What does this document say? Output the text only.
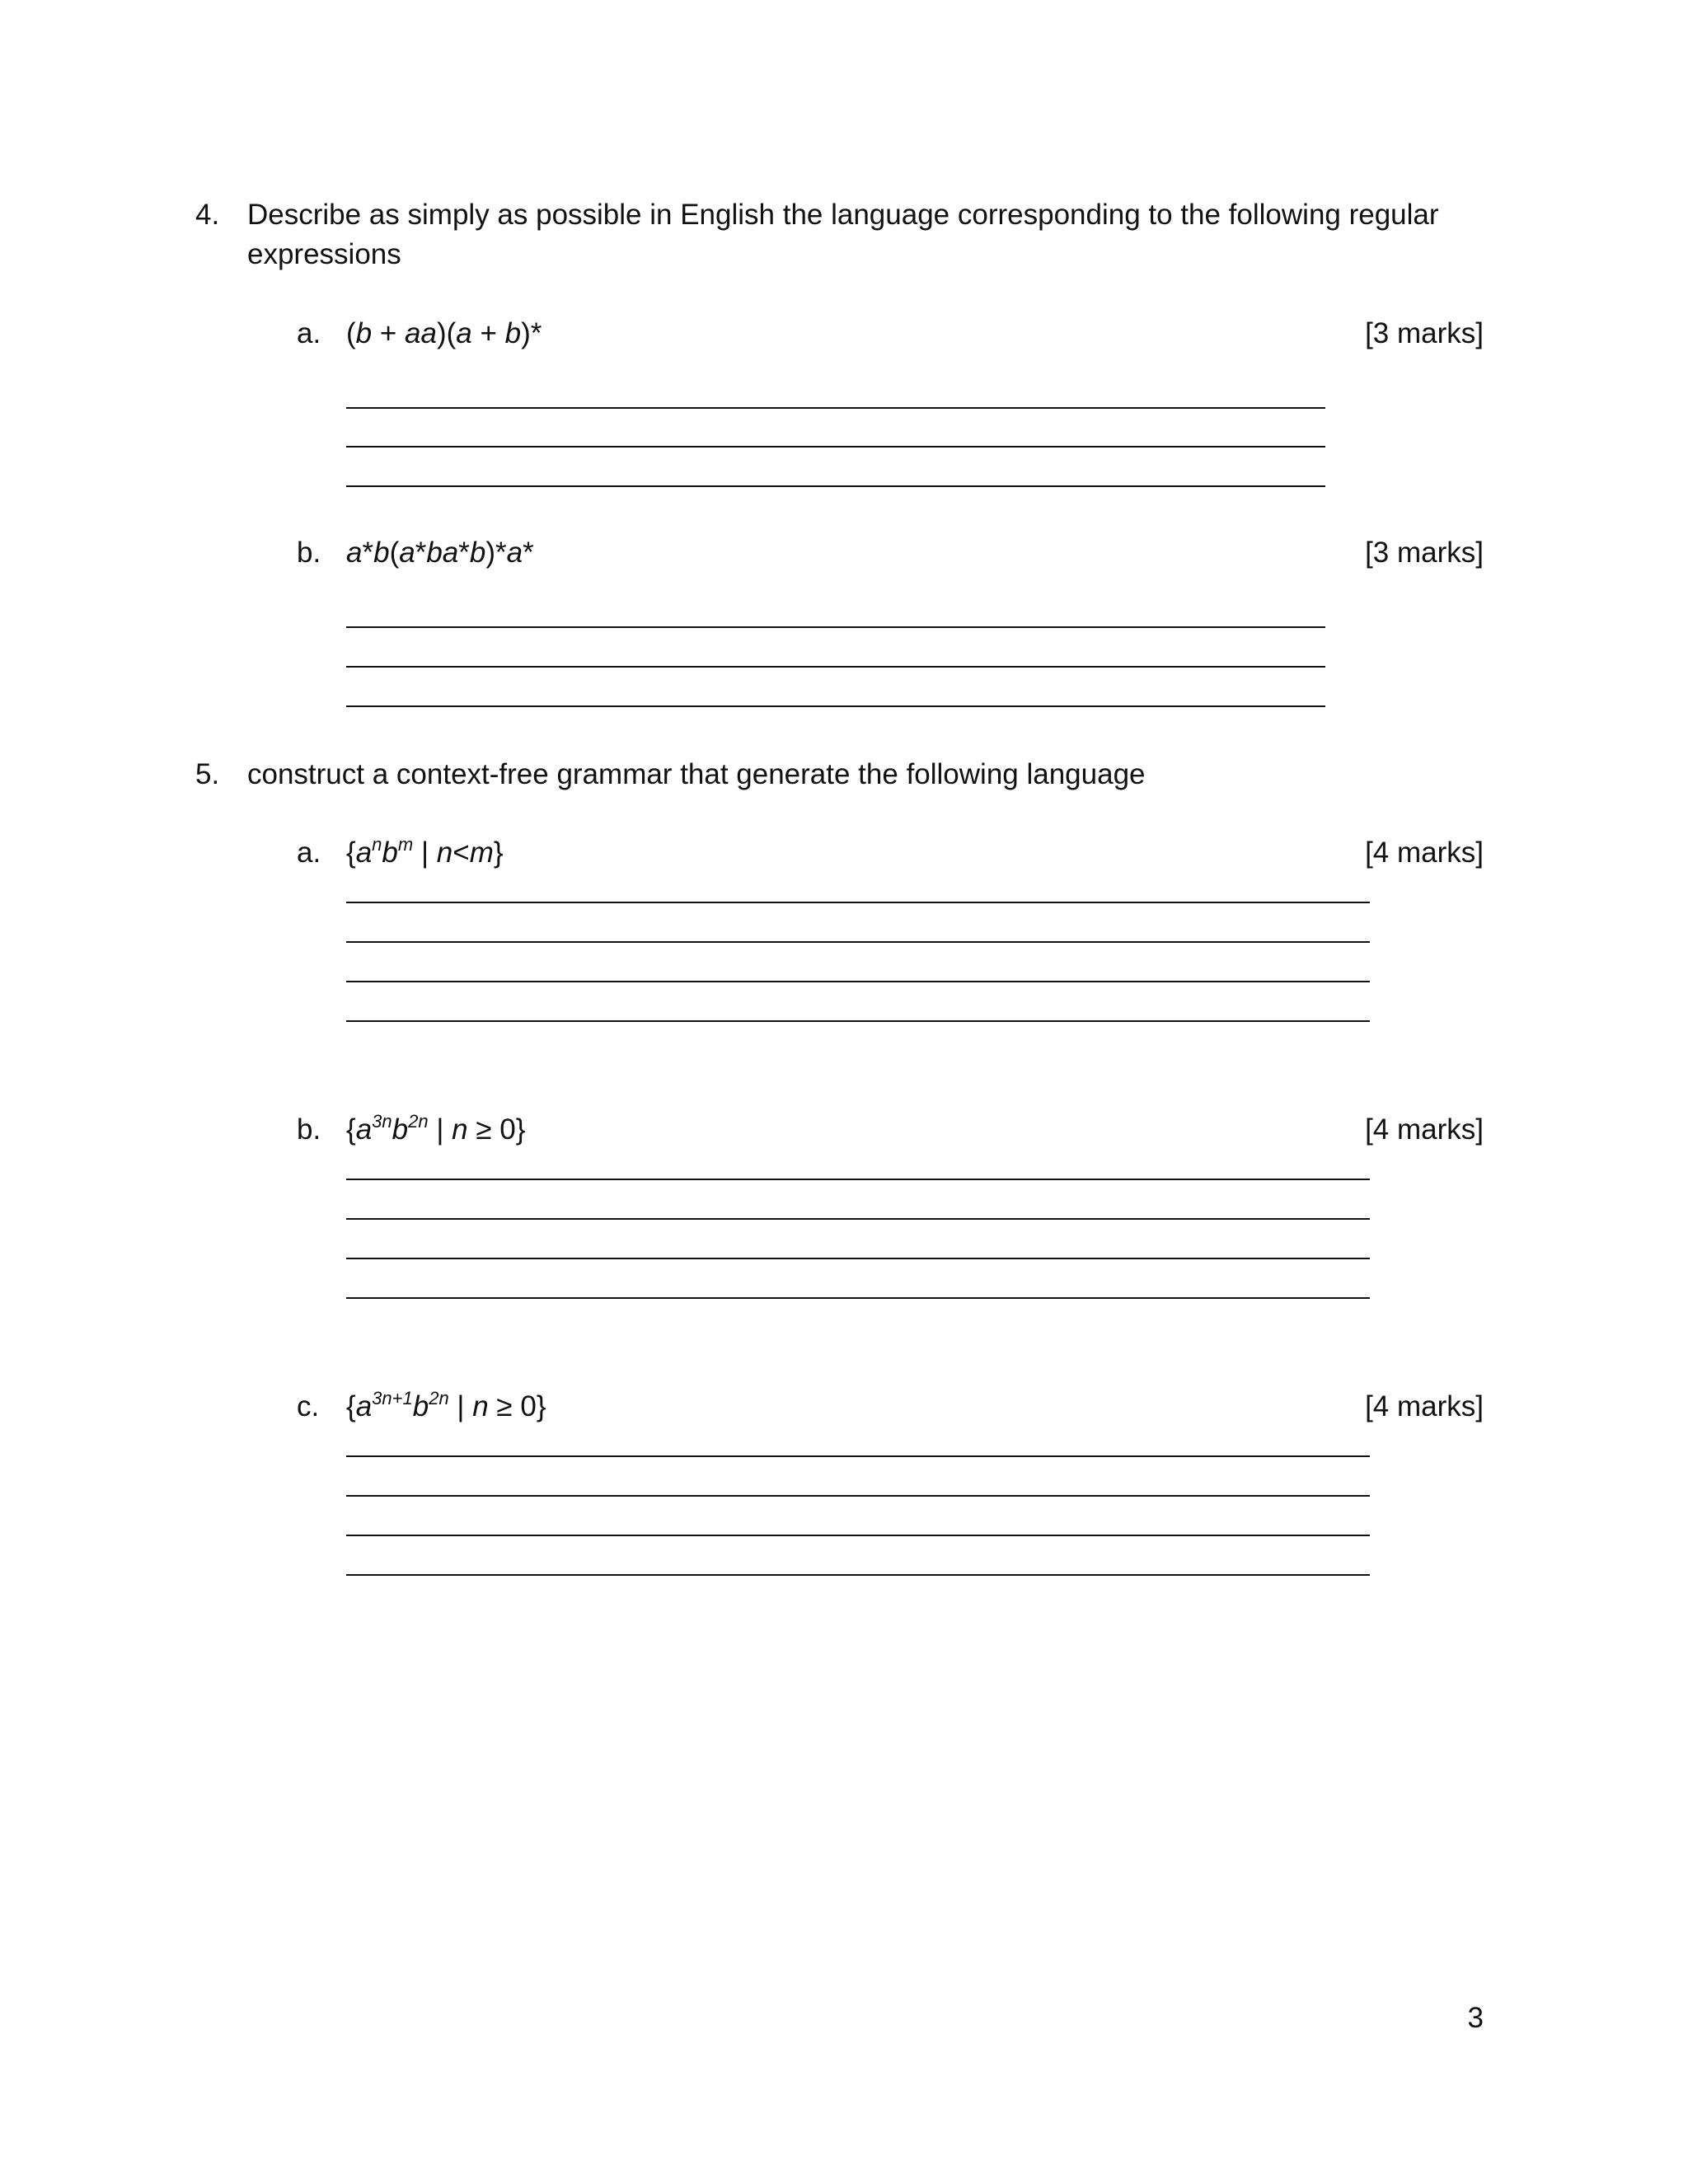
4. Describe as simply as possible in English the language corresponding to the following regular
expressions
a. (b + aa)(a + b)*	[3 marks]
b. a*b(a*ba*b)*a*	[3 marks]
5. construct a context-free grammar that generate the following language
a. {$a^nb^m$ | n<m}	[4 marks]
b. {$a^{3n}b^{2n}$ | n ≥ 0}	[4 marks]
c. {$a^{3n+1}b^{2n}$ | n ≥ 0}	[4 marks]
3
